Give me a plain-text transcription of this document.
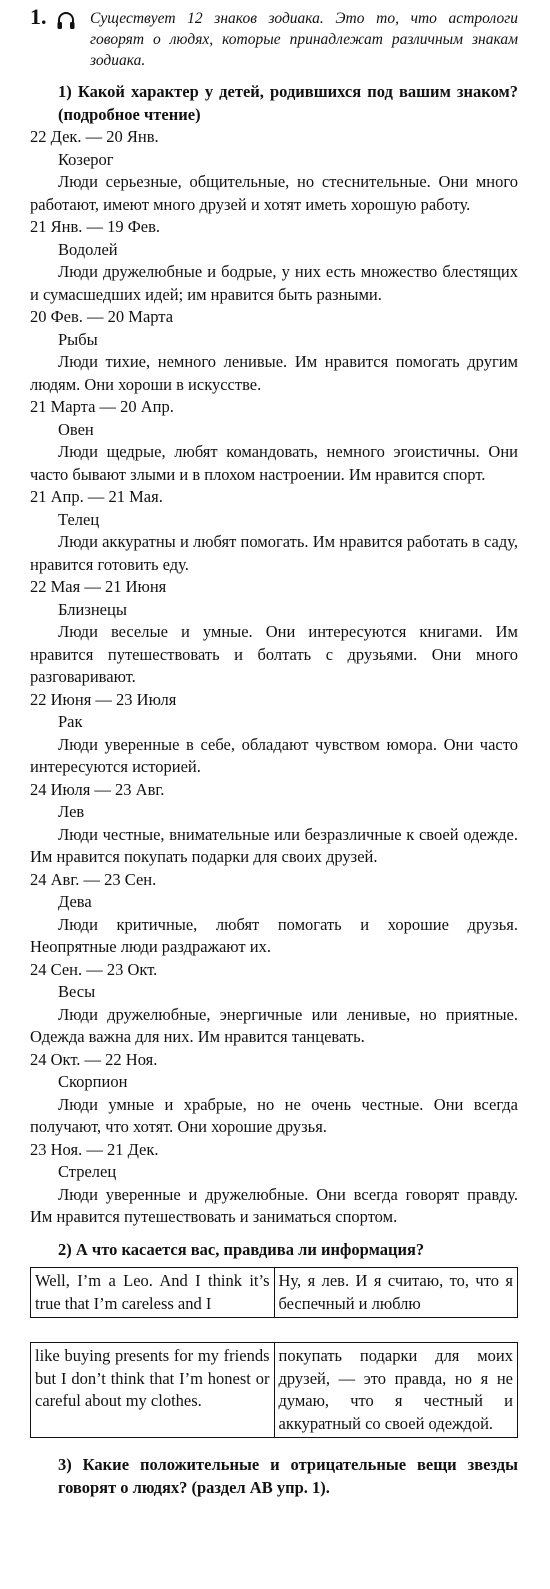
1.	Существует 12 знаков зодиака. Это то, что астрологи говорят о людях, которые принадлежат различным знакам зодиака.
1) Какой характер у детей, родившихся под вашим знаком? (подробное чтение)
22 Дек. — 20 Янв.
Козерог
Люди серьезные, общительные, но стеснительные. Они много работают, имеют много друзей и хотят иметь хорошую работу.
21 Янв. — 19 Фев.
Водолей
Люди дружелюбные и бодрые, у них есть множество блестящих и сумасшедших идей; им нравится быть разными.
20 Фев. — 20 Марта
Рыбы
Люди тихие, немного ленивые. Им нравится помогать другим людям. Они хороши в искусстве.
21 Марта — 20 Апр.
Овен
Люди щедрые, любят командовать, немного эгоистичны. Они часто бывают злыми и в плохом настроении. Им нравится спорт.
21 Апр. — 21 Мая.
Телец
Люди аккуратны и любят помогать. Им нравится работать в саду, нравится готовить еду.
22 Мая — 21 Июня
Близнецы
Люди веселые и умные. Они интересуются книгами. Им нравится путешествовать и болтать с друзьями. Они много разговаривают.
22 Июня — 23 Июля
Рак
Люди уверенные в себе, обладают чувством юмора. Они часто интересуются историей.
24 Июля — 23 Авг.
Лев
Люди честные, внимательные или безразличные к своей одежде. Им нравится покупать подарки для своих друзей.
24 Авг. — 23 Сен.
Дева
Люди критичные, любят помогать и хорошие друзья. Неопрятные люди раздражают их.
24 Сен. — 23 Окт.
Весы
Люди дружелюбные, энергичные или ленивые, но приятные. Одежда важна для них. Им нравится танцевать.
24 Окт. — 22 Ноя.
Скорпион
Люди умные и храбрые, но не очень честные. Они всегда получают, что хотят. Они хорошие друзья.
23 Ноя. — 21 Дек.
Стрелец
Люди уверенные и дружелюбные. Они всегда говорят правду. Им нравится путешествовать и заниматься спортом.
2) А что касается вас, правдива ли информация?
Well, I’m a Leo. And I think it’s true that I’m careless and I	Ну, я лев. И я считаю, то, что я беспечный и люблю
like buying presents for my friends but I don’t think that I’m honest or careful about my clothes.	покупать подарки для моих друзей, — это правда, но я не думаю, что я честный и аккуратный со своей одеждой.
3) Какие положительные и отрицательные вещи звезды говорят о людях? (раздел AB упр. 1).
